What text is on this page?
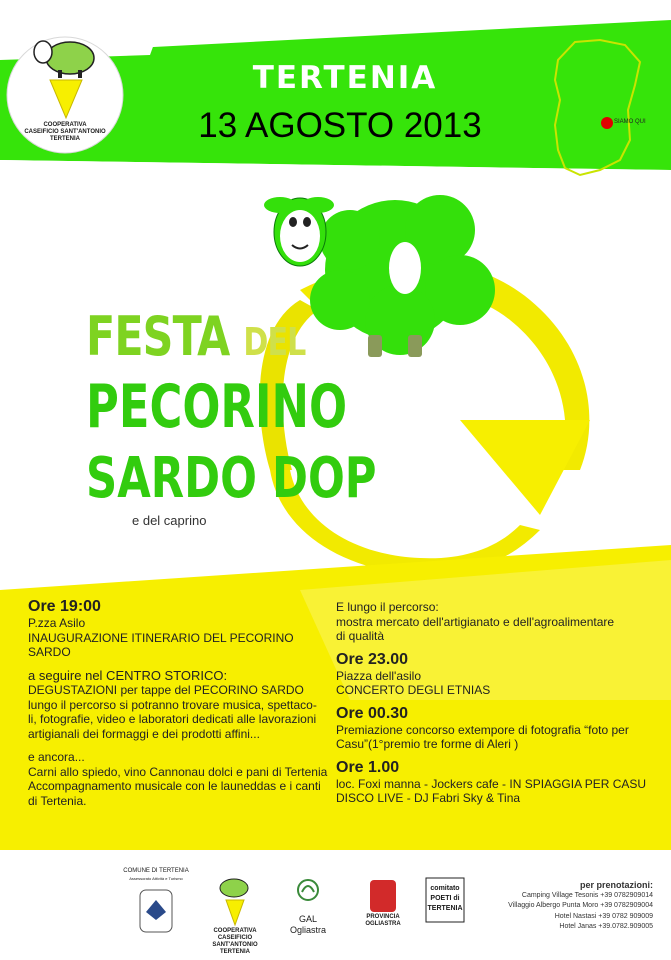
TERTENIA
13 AGOSTO 2013	SIAMO QUI
COOPERATIVA
CASEIFICIO SANT'ANTONIO
TERTENIA
FESTA DEL
PECORINO
SARDO DOP
e del caprino
Ore 19:00

P.zza Asilo

INAUGURAZIONE ITINERARIO DEL PECORINO SARDO

a seguire nel CENTRO STORICO:

DEGUSTAZIONI per tappe del PECORINO SARDO

lungo il percorso si potranno trovare musica, spettaco-

li, fotografie, video e laboratori dedicati alle lavorazioni

artigianali dei formaggi e dei prodotti affini...

e ancora...

Carni allo spiedo, vino Cannonau dolci e pani di Tertenia

Accompagnamento musicale con le launeddas e i canti

di Tertenia.

E lungo il percorso:

mostra mercato dell'artigianato e dell'agroalimentare

di qualità

Ore 23.00

Piazza dell'asilo

CONCERTO DEGLI ETNIAS

Ore 00.30

Premiazione concorso extempore di fotografia “foto per

Casu”(1°premio tre forme di Aleri )

Ore 1.00

loc. Foxi manna - Jockers cafe - IN SPIAGGIA PER CASU

DISCO LIVE - DJ Fabri Sky & Tina

COMUNE DI TERTENIA
Assessorato Attività e Turismo
COOPERATIVA
CASEIFICIO SANT'ANTONIO
TERTENIA
GAL
Ogliastra
PROVINCIA
OGLIASTRA
comitato
POETI di
TERTENIA
per prenotazioni:
Camping Village Tesonis +39 0782909014
Villaggio Albergo Punta Moro +39 0782909004
Hotel Nastasi +39 0782 909009
Hotel Janas +39.0782.909005
